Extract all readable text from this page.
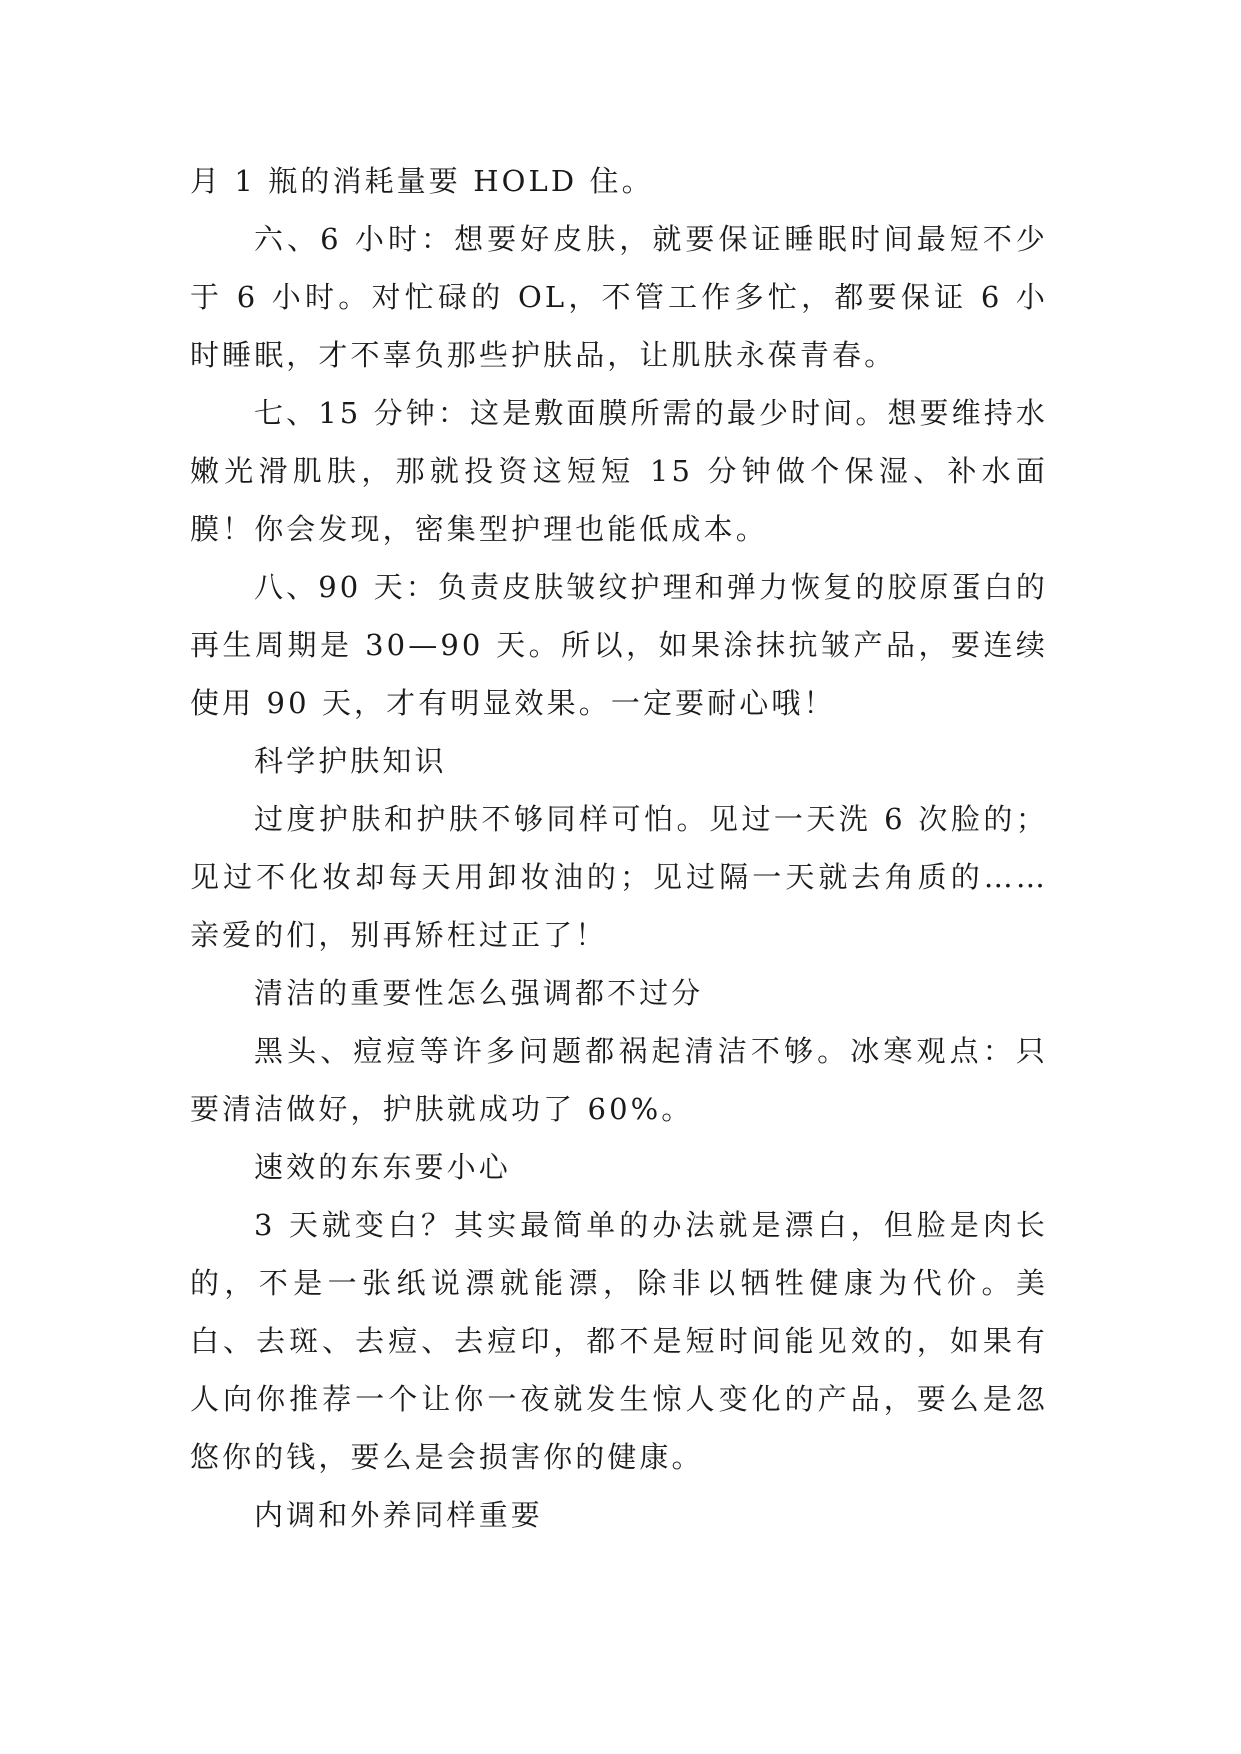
月 1 瓶的消耗量要 HOLD 住。

六、6 小时：想要好皮肤，就要保证睡眠时间最短不少于 6 小时。对忙碌的 OL，不管工作多忙，都要保证 6 小时睡眠，才不辜负那些护肤品，让肌肤永葆青春。

七、15 分钟：这是敷面膜所需的最少时间。想要维持水嫩光滑肌肤，那就投资这短短 15 分钟做个保湿、补水面膜！你会发现，密集型护理也能低成本。

八、90 天：负责皮肤皱纹护理和弹力恢复的胶原蛋白的再生周期是 30—90 天。所以，如果涂抹抗皱产品，要连续使用 90 天，才有明显效果。一定要耐心哦！

科学护肤知识

过度护肤和护肤不够同样可怕。见过一天洗 6 次脸的；见过不化妆却每天用卸妆油的；见过隔一天就去角质的……亲爱的们，别再矫枉过正了！

清洁的重要性怎么强调都不过分

黑头、痘痘等许多问题都祸起清洁不够。冰寒观点：只要清洁做好，护肤就成功了 60%。

速效的东东要小心

3 天就变白？其实最简单的办法就是漂白，但脸是肉长的，不是一张纸说漂就能漂，除非以牺牲健康为代价。美白、去斑、去痘、去痘印，都不是短时间能见效的，如果有人向你推荐一个让你一夜就发生惊人变化的产品，要么是忽悠你的钱，要么是会损害你的健康。

内调和外养同样重要
